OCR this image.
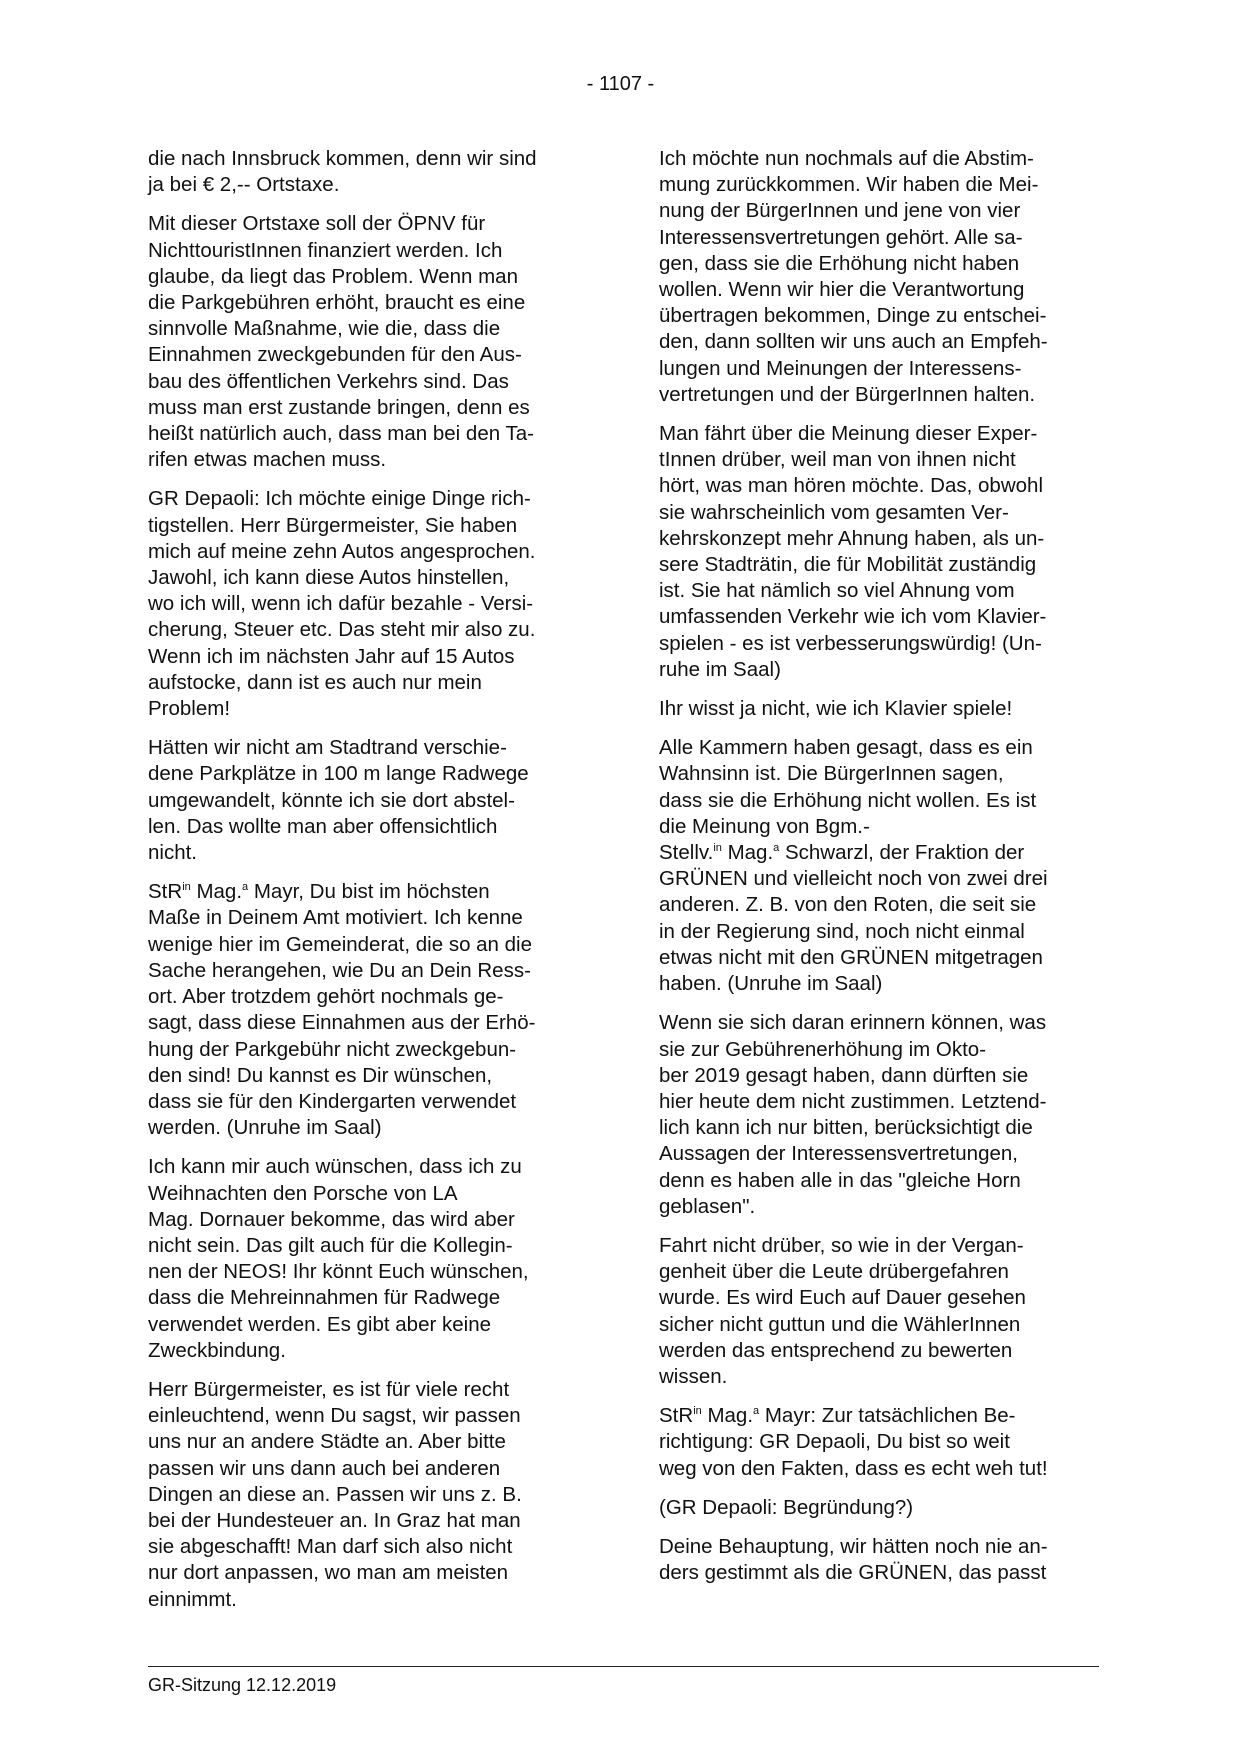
- 1107 -

die nach Innsbruck kommen, denn wir sind
ja bei € 2,-- Ortstaxe.

Mit dieser Ortstaxe soll der ÖPNV für
NichttouristInnen finanziert werden. Ich
glaube, da liegt das Problem. Wenn man
die Parkgebühren erhöht, braucht es eine
sinnvolle Maßnahme, wie die, dass die
Einnahmen zweckgebunden für den Aus-
bau des öffentlichen Verkehrs sind. Das
muss man erst zustande bringen, denn es
heißt natürlich auch, dass man bei den Ta-
rifen etwas machen muss.

GR Depaoli: Ich möchte einige Dinge rich-
tigstellen. Herr Bürgermeister, Sie haben
mich auf meine zehn Autos angesprochen.
Jawohl, ich kann diese Autos hinstellen,
wo ich will, wenn ich dafür bezahle - Versi-
cherung, Steuer etc. Das steht mir also zu.
Wenn ich im nächsten Jahr auf 15 Autos
aufstocke, dann ist es auch nur mein
Problem!

Hätten wir nicht am Stadtrand verschie-
dene Parkplätze in 100 m lange Radwege
umgewandelt, könnte ich sie dort abstel-
len. Das wollte man aber offensichtlich
nicht.

StR$^{in}$ Mag.$^a$ Mayr, Du bist im höchsten
Maße in Deinem Amt motiviert. Ich kenne
wenige hier im Gemeinderat, die so an die
Sache herangehen, wie Du an Dein Ress-
ort. Aber trotzdem gehört nochmals ge-
sagt, dass diese Einnahmen aus der Erhö-
hung der Parkgebühr nicht zweckgebun-
den sind! Du kannst es Dir wünschen,
dass sie für den Kindergarten verwendet
werden. (Unruhe im Saal)

Ich kann mir auch wünschen, dass ich zu
Weihnachten den Porsche von LA
Mag. Dornauer bekomme, das wird aber
nicht sein. Das gilt auch für die Kollegin-
nen der NEOS! Ihr könnt Euch wünschen,
dass die Mehreinnahmen für Radwege
verwendet werden. Es gibt aber keine
Zweckbindung.

Herr Bürgermeister, es ist für viele recht
einleuchtend, wenn Du sagst, wir passen
uns nur an andere Städte an. Aber bitte
passen wir uns dann auch bei anderen
Dingen an diese an. Passen wir uns z. B.
bei der Hundesteuer an. In Graz hat man
sie abgeschafft! Man darf sich also nicht
nur dort anpassen, wo man am meisten
einnimmt.

Ich möchte nun nochmals auf die Abstim-
mung zurückkommen. Wir haben die Mei-
nung der BürgerInnen und jene von vier
Interessensvertretungen gehört. Alle sa-
gen, dass sie die Erhöhung nicht haben
wollen. Wenn wir hier die Verantwortung
übertragen bekommen, Dinge zu entschei-
den, dann sollten wir uns auch an Empfeh-
lungen und Meinungen der Interessens-
vertretungen und der BürgerInnen halten.

Man fährt über die Meinung dieser Exper-
tInnen drüber, weil man von ihnen nicht
hört, was man hören möchte. Das, obwohl
sie wahrscheinlich vom gesamten Ver-
kehrskonzept mehr Ahnung haben, als un-
sere Stadträtin, die für Mobilität zuständig
ist. Sie hat nämlich so viel Ahnung vom
umfassenden Verkehr wie ich vom Klavier-
spielen - es ist verbesserungswürdig! (Un-
ruhe im Saal)

Ihr wisst ja nicht, wie ich Klavier spiele!

Alle Kammern haben gesagt, dass es ein
Wahnsinn ist. Die BürgerInnen sagen,
dass sie die Erhöhung nicht wollen. Es ist
die Meinung von Bgm.-
Stellv.$^{in}$ Mag.$^a$ Schwarzl, der Fraktion der
GRÜNEN und vielleicht noch von zwei drei
anderen. Z. B. von den Roten, die seit sie
in der Regierung sind, noch nicht einmal
etwas nicht mit den GRÜNEN mitgetragen
haben. (Unruhe im Saal)

Wenn sie sich daran erinnern können, was
sie zur Gebührenerhöhung im Okto-
ber 2019 gesagt haben, dann dürften sie
hier heute dem nicht zustimmen. Letztend-
lich kann ich nur bitten, berücksichtigt die
Aussagen der Interessensvertretungen,
denn es haben alle in das "gleiche Horn
geblasen".

Fahrt nicht drüber, so wie in der Vergan-
genheit über die Leute drübergefahren
wurde. Es wird Euch auf Dauer gesehen
sicher nicht guttun und die WählerInnen
werden das entsprechend zu bewerten
wissen.

StR$^{in}$ Mag.$^a$ Mayr: Zur tatsächlichen Be-
richtigung: GR Depaoli, Du bist so weit
weg von den Fakten, dass es echt weh tut!

(GR Depaoli: Begründung?)

Deine Behauptung, wir hätten noch nie an-
ders gestimmt als die GRÜNEN, das passt

GR-Sitzung 12.12.2019
